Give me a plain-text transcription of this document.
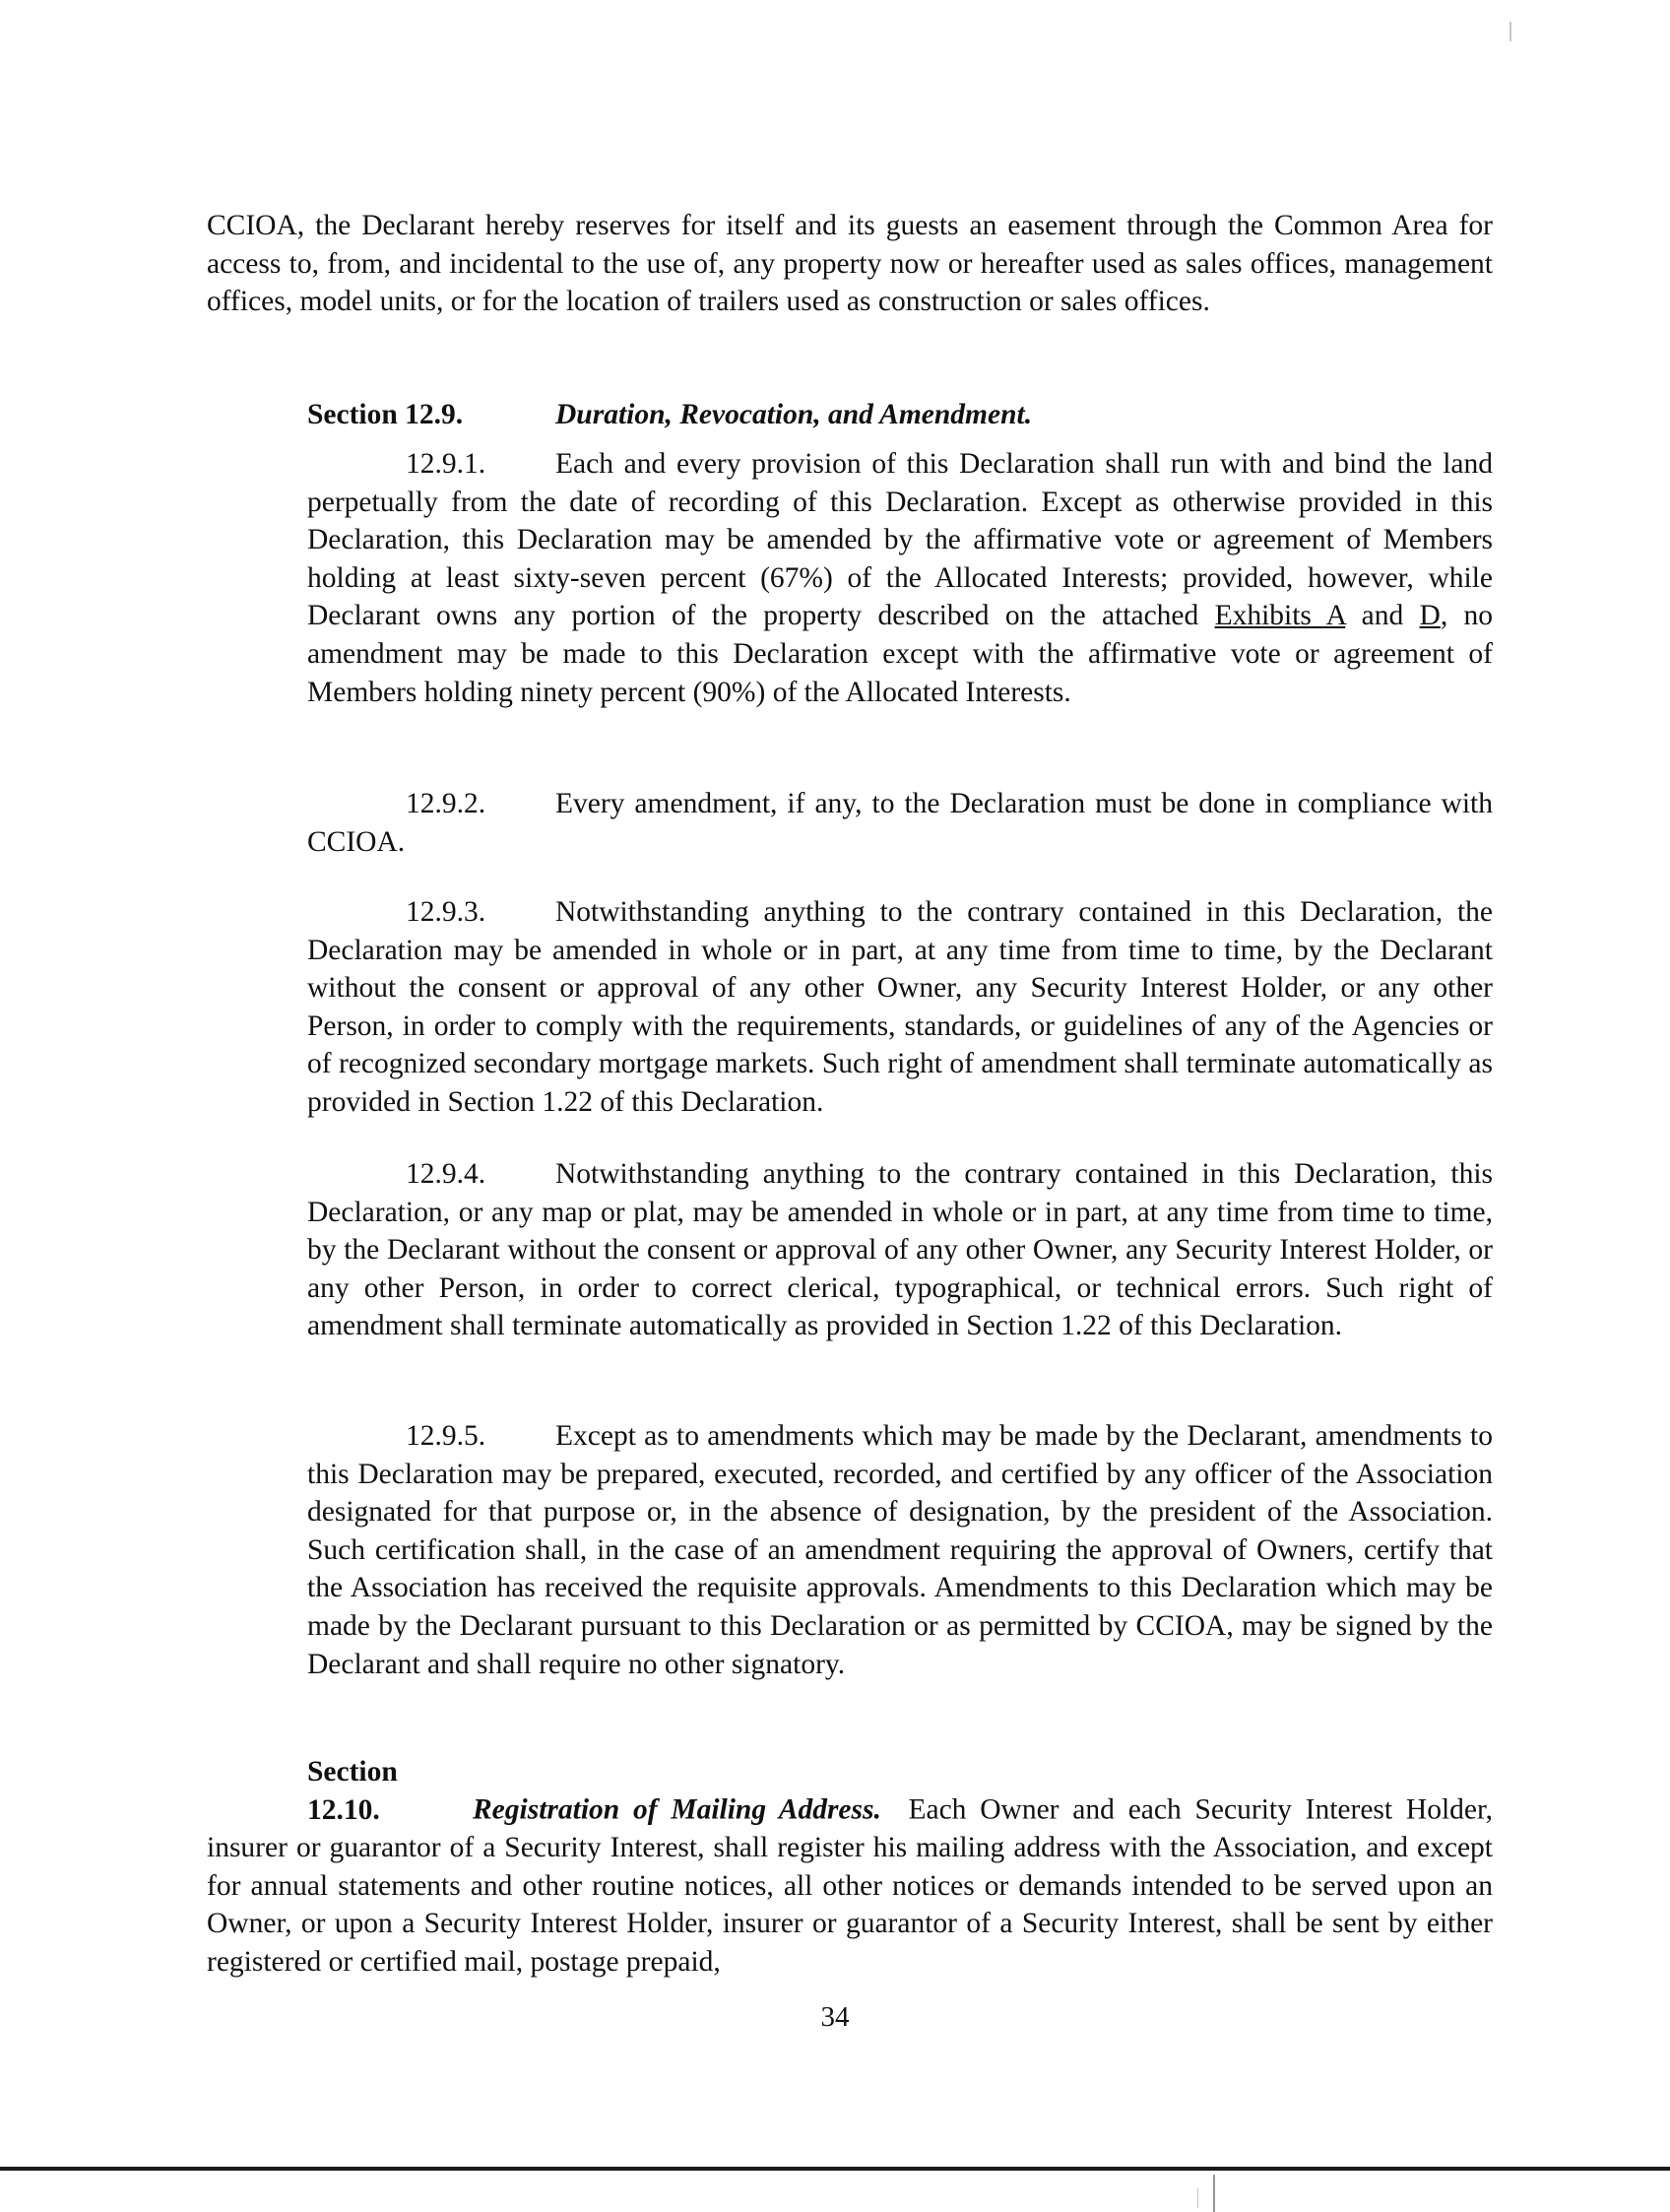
CCIOA, the Declarant hereby reserves for itself and its guests an easement through the Common Area for access to, from, and incidental to the use of, any property now or hereafter used as sales offices, management offices, model units, or for the location of trailers used as construction or sales offices.
Section 12.9.	Duration, Revocation, and Amendment.
12.9.1. Each and every provision of this Declaration shall run with and bind the land perpetually from the date of recording of this Declaration. Except as otherwise provided in this Declaration, this Declaration may be amended by the affirmative vote or agreement of Members holding at least sixty-seven percent (67%) of the Allocated Interests; provided, however, while Declarant owns any portion of the property described on the attached Exhibits A and D, no amendment may be made to this Declaration except with the affirmative vote or agreement of Members holding ninety percent (90%) of the Allocated Interests.
12.9.2. Every amendment, if any, to the Declaration must be done in compliance with CCIOA.
12.9.3. Notwithstanding anything to the contrary contained in this Declaration, the Declaration may be amended in whole or in part, at any time from time to time, by the Declarant without the consent or approval of any other Owner, any Security Interest Holder, or any other Person, in order to comply with the requirements, standards, or guidelines of any of the Agencies or of recognized secondary mortgage markets. Such right of amendment shall terminate automatically as provided in Section 1.22 of this Declaration.
12.9.4. Notwithstanding anything to the contrary contained in this Declaration, this Declaration, or any map or plat, may be amended in whole or in part, at any time from time to time, by the Declarant without the consent or approval of any other Owner, any Security Interest Holder, or any other Person, in order to correct clerical, typographical, or technical errors. Such right of amendment shall terminate automatically as provided in Section 1.22 of this Declaration.
12.9.5. Except as to amendments which may be made by the Declarant, amendments to this Declaration may be prepared, executed, recorded, and certified by any officer of the Association designated for that purpose or, in the absence of designation, by the president of the Association. Such certification shall, in the case of an amendment requiring the approval of Owners, certify that the Association has received the requisite approvals. Amendments to this Declaration which may be made by the Declarant pursuant to this Declaration or as permitted by CCIOA, may be signed by the Declarant and shall require no other signatory.
Section 12.10.	Registration of Mailing Address. Each Owner and each Security Interest Holder, insurer or guarantor of a Security Interest, shall register his mailing address with the Association, and except for annual statements and other routine notices, all other notices or demands intended to be served upon an Owner, or upon a Security Interest Holder, insurer or guarantor of a Security Interest, shall be sent by either registered or certified mail, postage prepaid,
34
